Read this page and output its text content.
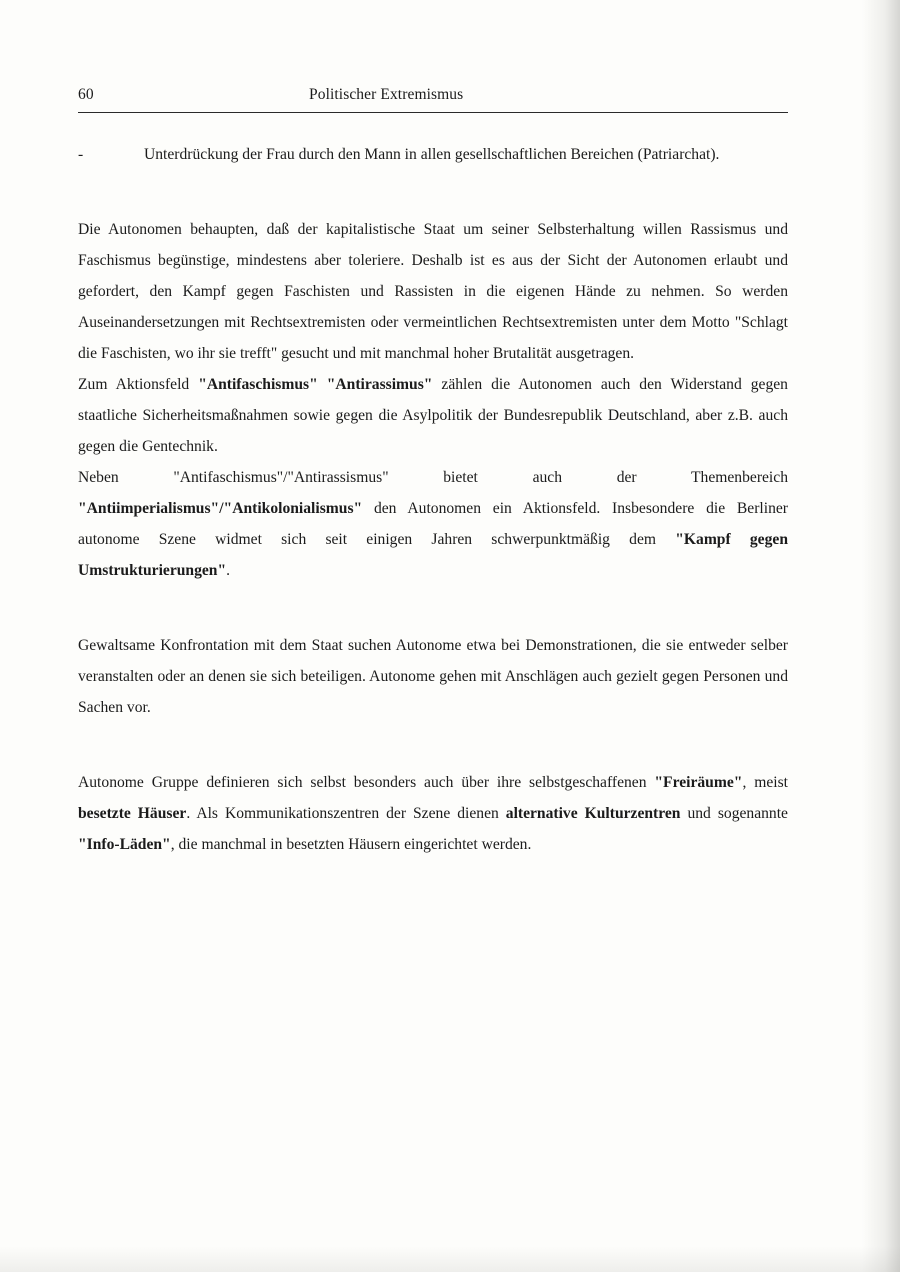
60	Politischer Extremismus
-	Unterdrückung der Frau durch den Mann in allen gesellschaftlichen Bereichen (Patriarchat).

Die Autonomen behaupten, daß der kapitalistische Staat um seiner Selbsterhaltung willen Rassismus und Faschismus begünstige, mindestens aber toleriere. Deshalb ist es aus der Sicht der Autonomen erlaubt und gefordert, den Kampf gegen Faschisten und Rassisten in die eigenen Hände zu nehmen. So werden Auseinandersetzungen mit Rechtsextremisten oder vermeintlichen Rechtsextremisten unter dem Motto "Schlagt die Faschisten, wo ihr sie trefft" gesucht und mit manchmal hoher Brutalität ausgetragen.

Zum Aktionsfeld "Antifaschismus" "Antirassimus" zählen die Autonomen auch den Widerstand gegen staatliche Sicherheitsmaßnahmen sowie gegen die Asylpolitik der Bundesrepublik Deutschland, aber z.B. auch gegen die Gentechnik.

Neben "Antifaschismus"/"Antirassismus" bietet auch der Themenbereich "Antiimperialismus"/"Antikolonialismus" den Autonomen ein Aktionsfeld. Insbesondere die Berliner autonome Szene widmet sich seit einigen Jahren schwerpunktmäßig dem "Kampf gegen Umstrukturierungen".

Gewaltsame Konfrontation mit dem Staat suchen Autonome etwa bei Demonstrationen, die sie entweder selber veranstalten oder an denen sie sich beteiligen. Autonome gehen mit Anschlägen auch gezielt gegen Personen und Sachen vor.

Autonome Gruppe definieren sich selbst besonders auch über ihre selbstgeschaffenen "Freiräume", meist besetzte Häuser. Als Kommunikationszentren der Szene dienen alternative Kulturzentren und sogenannte "Info-Läden", die manchmal in besetzten Häusern eingerichtet werden.
